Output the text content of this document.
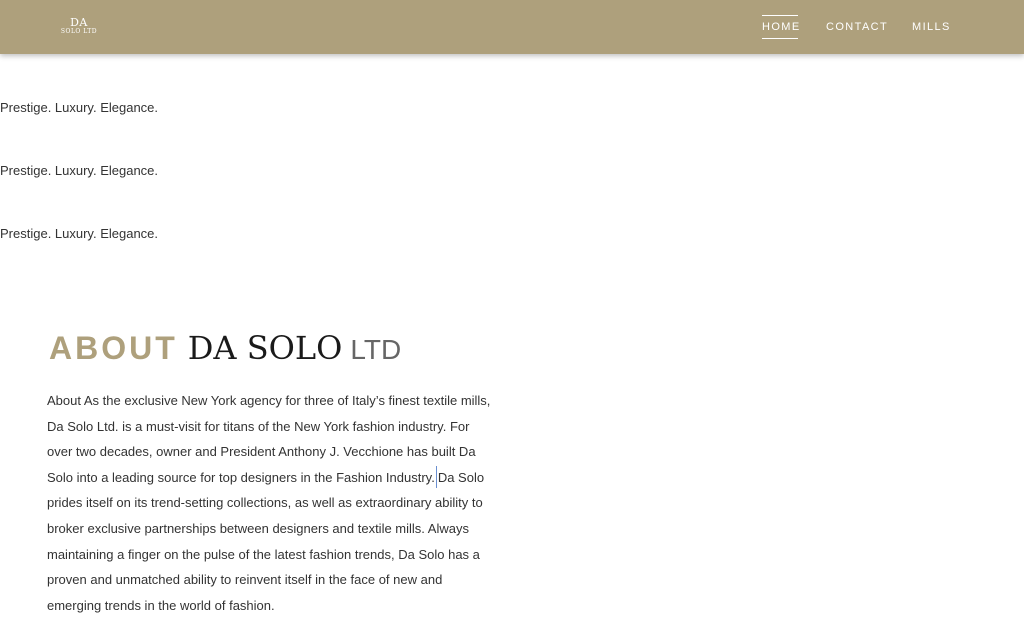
DA
SOLO LTD	HOME CONTACT MILLS
Prestige. Luxury. Elegance.
Prestige. Luxury. Elegance.
Prestige. Luxury. Elegance.
ABOUT DA SOLO LTD
About As the exclusive New York agency for three of Italy’s finest textile mills, Da Solo Ltd. is a must-visit for titans of the New York fashion industry. For over two decades, owner and President Anthony J. Vecchione has built Da Solo into a leading source for top designers in the Fashion Industry. Da Solo prides itself on its trend-setting collections, as well as extraordinary ability to broker exclusive partnerships between designers and textile mills. Always maintaining a finger on the pulse of the latest fashion trends, Da Solo has a proven and unmatched ability to reinvent itself in the face of new and emerging trends in the world of fashion.
